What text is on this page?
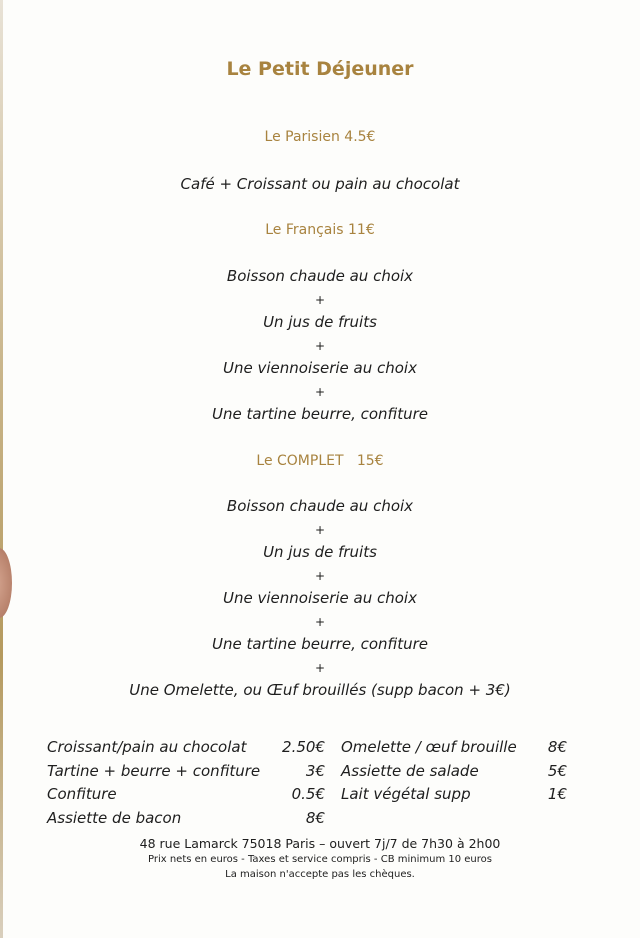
Le Petit Déjeuner
Le Parisien 4.5€
Café + Croissant ou pain au chocolat
Le Français 11€
Boisson chaude au choix
+
Un jus de fruits
+
Une viennoiserie au choix
+
Une tartine beurre, confiture
Le COMPLET   15€
Boisson chaude au choix
+
Un jus de fruits
+
Une viennoiserie au choix
+
Une tartine beurre, confiture
+
Une Omelette, ou Œuf brouillés (supp bacon + 3€)
Croissant/pain au chocolat 2.50€
Tartine + beurre + confiture	3€
Confiture	0.5€
Assiette de bacon	8€
Omelette / œuf brouille 8€
Assiette de salade	5€
Lait végétal supp	1€
48 rue Lamarck 75018 Paris – ouvert 7j/7 de 7h30 à 2h00
Prix nets en euros - Taxes et service compris - CB minimum 10 euros
La maison n'accepte pas les chèques.
